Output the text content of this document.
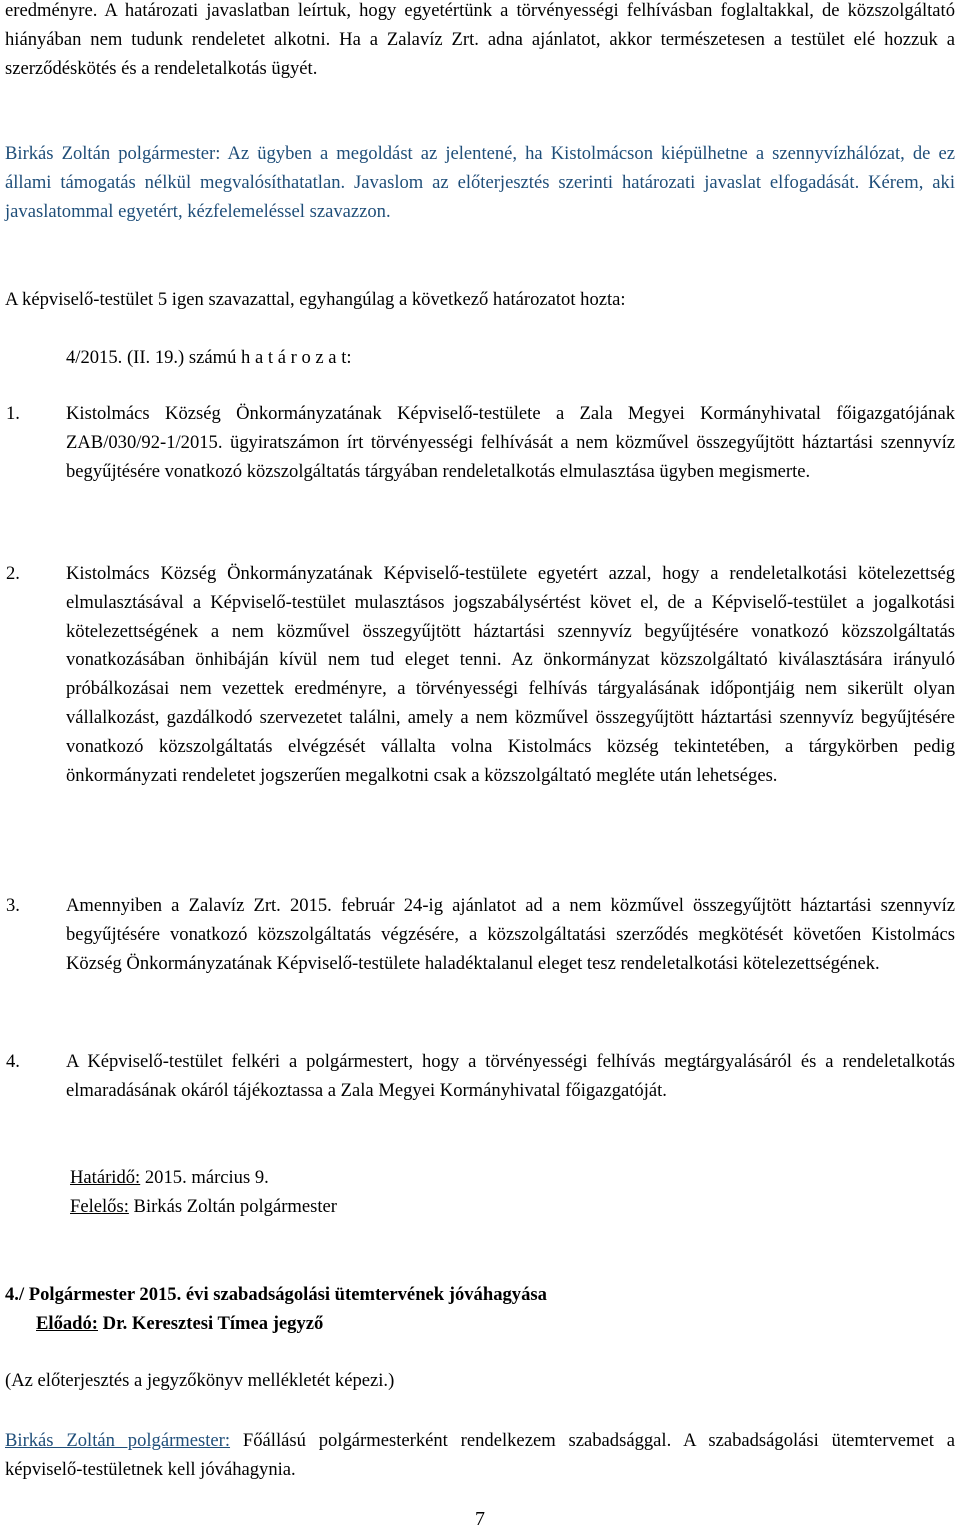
eredményre. A határozati javaslatban leírtuk, hogy egyetértünk a törvényességi felhívásban foglaltakkal, de közszolgáltató hiányában nem tudunk rendeletet alkotni. Ha a Zalavíz Zrt. adna ajánlatot, akkor természetesen a testület elé hozzuk a szerződéskötés és a rendeletalkotás ügyét.

Birkás Zoltán polgármester: Az ügyben a megoldást az jelentené, ha Kistolmácson kiépülhetne a szennyvízhálózat, de ez állami támogatás nélkül megvalósíthatatlan. Javaslom az előterjesztés szerinti határozati javaslat elfogadását. Kérem, aki javaslatommal egyetért, kézfelemeléssel szavazzon.

A képviselő-testület 5 igen szavazattal, egyhangúlag a következő határozatot hozta:

4/2015. (II. 19.) számú h a t á r o z a t:

1. Kistolmács Község Önkormányzatának Képviselő-testülete a Zala Megyei Kormányhivatal főigazgatójának ZAB/030/92-1/2015. ügyiratszámon írt törvényességi felhívását a nem közművel összegyűjtött háztartási szennyvíz begyűjtésére vonatkozó közszolgáltatás tárgyában rendeletalkotás elmulasztása ügyben megismerte.
2. Kistolmács Község Önkormányzatának Képviselő-testülete egyetért azzal, hogy a rendeletalkotási kötelezettség elmulasztásával a Képviselő-testület mulasztásos jogszabálysértést követ el, de a Képviselő-testület a jogalkotási kötelezettségének a nem közművel összegyűjtött háztartási szennyvíz begyűjtésére vonatkozó közszolgáltatás vonatkozásában önhibáján kívül nem tud eleget tenni. Az önkormányzat közszolgáltató kiválasztására irányuló próbálkozásai nem vezettek eredményre, a törvényességi felhívás tárgyalásának időpontjáig nem sikerült olyan vállalkozást, gazdálkodó szervezetet találni, amely a nem közművel összegyűjtött háztartási szennyvíz begyűjtésére vonatkozó közszolgáltatás elvégzését vállalta volna Kistolmács község tekintetében, a tárgykörben pedig önkormányzati rendeletet jogszerűen megalkotni csak a közszolgáltató megléte után lehetséges.
3. Amennyiben a Zalavíz Zrt. 2015. február 24-ig ajánlatot ad a nem közművel összegyűjtött háztartási szennyvíz begyűjtésére vonatkozó közszolgáltatás végzésére, a közszolgáltatási szerződés megkötését követően Kistolmács Község Önkormányzatának Képviselő-testülete haladéktalanul eleget tesz rendeletalkotási kötelezettségének.
4. A Képviselő-testület felkéri a polgármestert, hogy a törvényességi felhívás megtárgyalásáról és a rendeletalkotás elmaradásának okáról tájékoztassa a Zala Megyei Kormányhivatal főigazgatóját.

Határidő: 2015. március 9.

Felelős: Birkás Zoltán polgármester

4./ Polgármester 2015. évi szabadságolási ütemtervének jóváhagyása

Előadó: Dr. Keresztesi Tímea jegyző

(Az előterjesztés a jegyzőkönyv mellékletét képezi.)

Birkás Zoltán polgármester: Főállású polgármesterként rendelkezem szabadsággal. A szabadságolási ütemtervemet a képviselő-testületnek kell jóváhagynia.

7
